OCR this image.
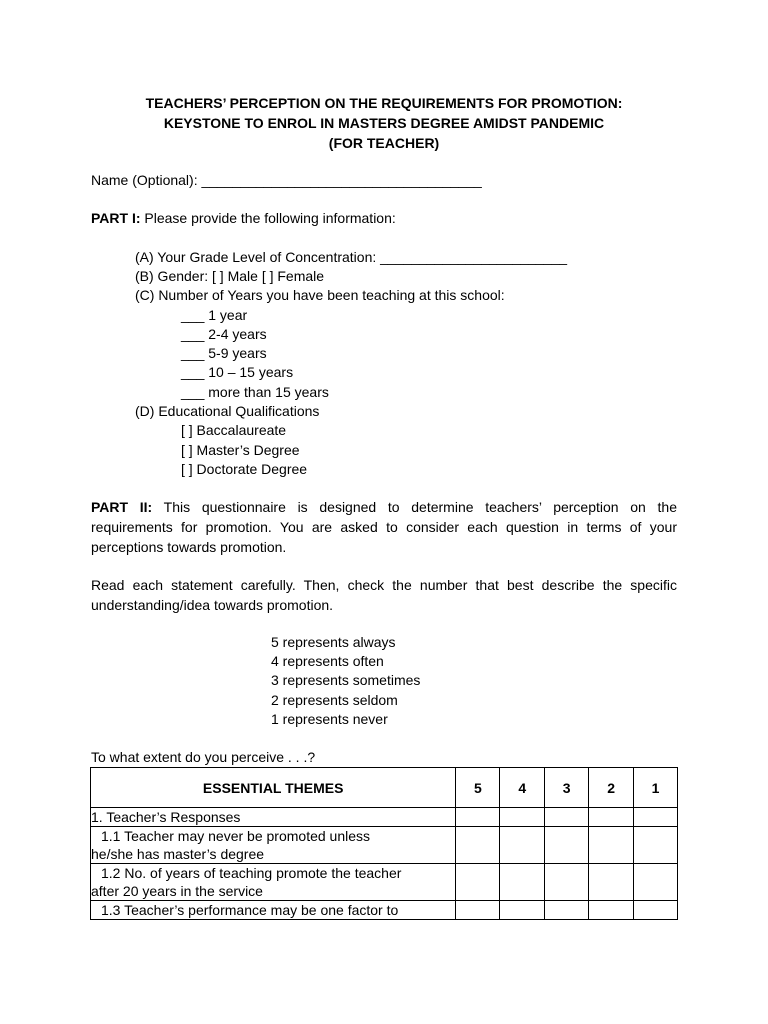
TEACHERS’ PERCEPTION ON THE REQUIREMENTS FOR PROMOTION:
KEYSTONE TO ENROL IN MASTERS DEGREE AMIDST PANDEMIC
(FOR TEACHER)
Name (Optional): ____________________________________
PART I: Please provide the following information:
(A) Your Grade Level of Concentration: ________________________
(B) Gender: [ ] Male [ ] Female
(C) Number of Years you have been teaching at this school:
___ 1 year
___ 2-4 years
___ 5-9 years
___ 10 – 15 years
___ more than 15 years
(D) Educational Qualifications
[ ] Baccalaureate
[ ] Master’s Degree
[ ] Doctorate Degree
PART II: This questionnaire is designed to determine teachers’ perception on the
requirements for promotion. You are asked to consider each question in terms of your
perceptions towards promotion.
Read each statement carefully. Then, check the number that best describe the specific
understanding/idea towards promotion.
5 represents always
4 represents often
3 represents sometimes
2 represents seldom
1 represents never
To what extent do you perceive . . .?
ESSENTIAL THEMES	5	4	3	2	1
1. Teacher’s Responses					

1.1 Teacher may never be promoted unless
he/she has master’s degree					

1.2 No. of years of teaching promote the teacher
after 20 years in the service					

1.3 Teacher’s performance may be one factor to					
